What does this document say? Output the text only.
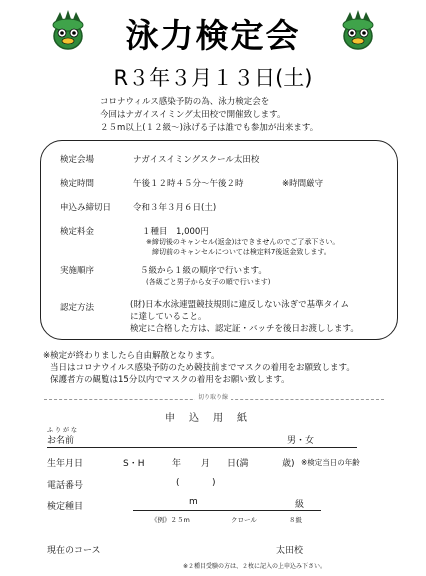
泳力検定会
R３年３月１３日(土)
コロナウィルス感染予防の為、泳力検定会を
今回はナガイスイミング太田校で開催致します。
２５m以上(１２級～)泳げる子は誰でも参加が出来ます。
検定会場	ナガイスイミングスクール太田校
検定時間	午後１２時４５分～午後２時	※時間厳守
申込み締切日	令和３年３月６日(土)
検定料金	１種目　1,000円
※締切後のキャンセル(返金)はできませんのでご了承下さい。
締切前のキャンセルについては検定料7後返金致します。
実施順序	５級から１級の順序で行います。
(各級ごと男子から女子の順で行います)
認定方法	(財)日本水泳連盟競技規則に違反しない泳ぎで基準タイム
に達していること。
検定に合格した方は、認定証・バッチを後日お渡しします。
※検定が終わりましたら自由解散となります。
当日はコロナウイルス感染予防のため競技前までマスクの着用をお願致します。
保護者方の観覧は15分以内でマスクの着用をお願い致します。
切り取り線
申込用紙
ふりがな
お名前	男・女
生年月日	S・H	年 月 日(満	歳) ※検定当日の年齢
電話番号	(	)
検定種目	m	級
《例》２５m	クロール	８級
現在のコース	太田校
※２種目受験の方は、２枚に記入の上申込み下さい。
